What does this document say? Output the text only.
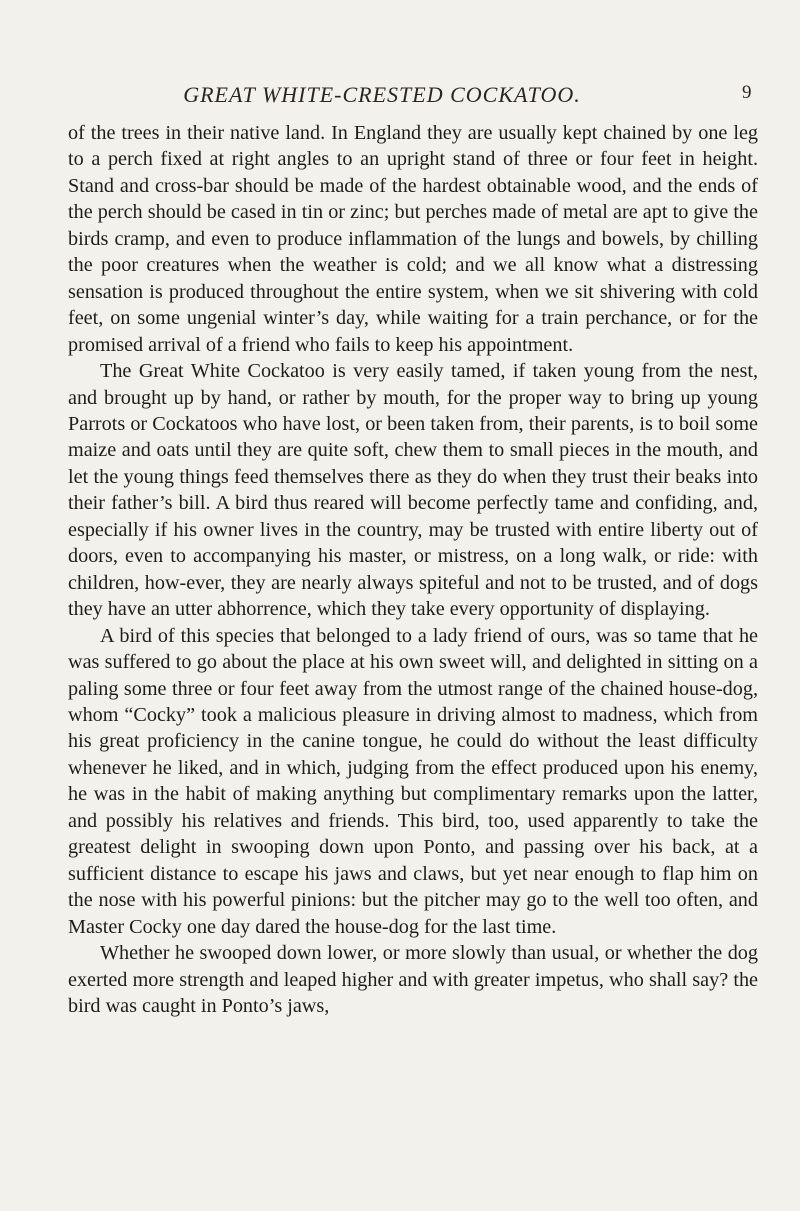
GREAT WHITE-CRESTED COCKATOO.	9

of the trees in their native land. In England they are usually kept chained by one leg to a perch fixed at right angles to an upright stand of three or four feet in height. Stand and cross-bar should be made of the hardest obtainable wood, and the ends of the perch should be cased in tin or zinc; but perches made of metal are apt to give the birds cramp, and even to produce inflammation of the lungs and bowels, by chilling the poor creatures when the weather is cold; and we all know what a distressing sensation is produced throughout the entire system, when we sit shivering with cold feet, on some ungenial winter’s day, while waiting for a train perchance, or for the promised arrival of a friend who fails to keep his appointment.

The Great White Cockatoo is very easily tamed, if taken young from the nest, and brought up by hand, or rather by mouth, for the proper way to bring up young Parrots or Cockatoos who have lost, or been taken from, their parents, is to boil some maize and oats until they are quite soft, chew them to small pieces in the mouth, and let the young things feed themselves there as they do when they trust their beaks into their father’s bill. A bird thus reared will become perfectly tame and confiding, and, especially if his owner lives in the country, may be trusted with entire liberty out of doors, even to accompanying his master, or mistress, on a long walk, or ride: with children, how-ever, they are nearly always spiteful and not to be trusted, and of dogs they have an utter abhorrence, which they take every opportunity of displaying.

A bird of this species that belonged to a lady friend of ours, was so tame that he was suffered to go about the place at his own sweet will, and delighted in sitting on a paling some three or four feet away from the utmost range of the chained house-dog, whom “Cocky” took a malicious pleasure in driving almost to madness, which from his great proficiency in the canine tongue, he could do without the least difficulty whenever he liked, and in which, judging from the effect produced upon his enemy, he was in the habit of making anything but complimentary remarks upon the latter, and possibly his relatives and friends. This bird, too, used apparently to take the greatest delight in swooping down upon Ponto, and passing over his back, at a sufficient distance to escape his jaws and claws, but yet near enough to flap him on the nose with his powerful pinions: but the pitcher may go to the well too often, and Master Cocky one day dared the house-dog for the last time.

Whether he swooped down lower, or more slowly than usual, or whether the dog exerted more strength and leaped higher and with greater impetus, who shall say? the bird was caught in Ponto’s jaws,
